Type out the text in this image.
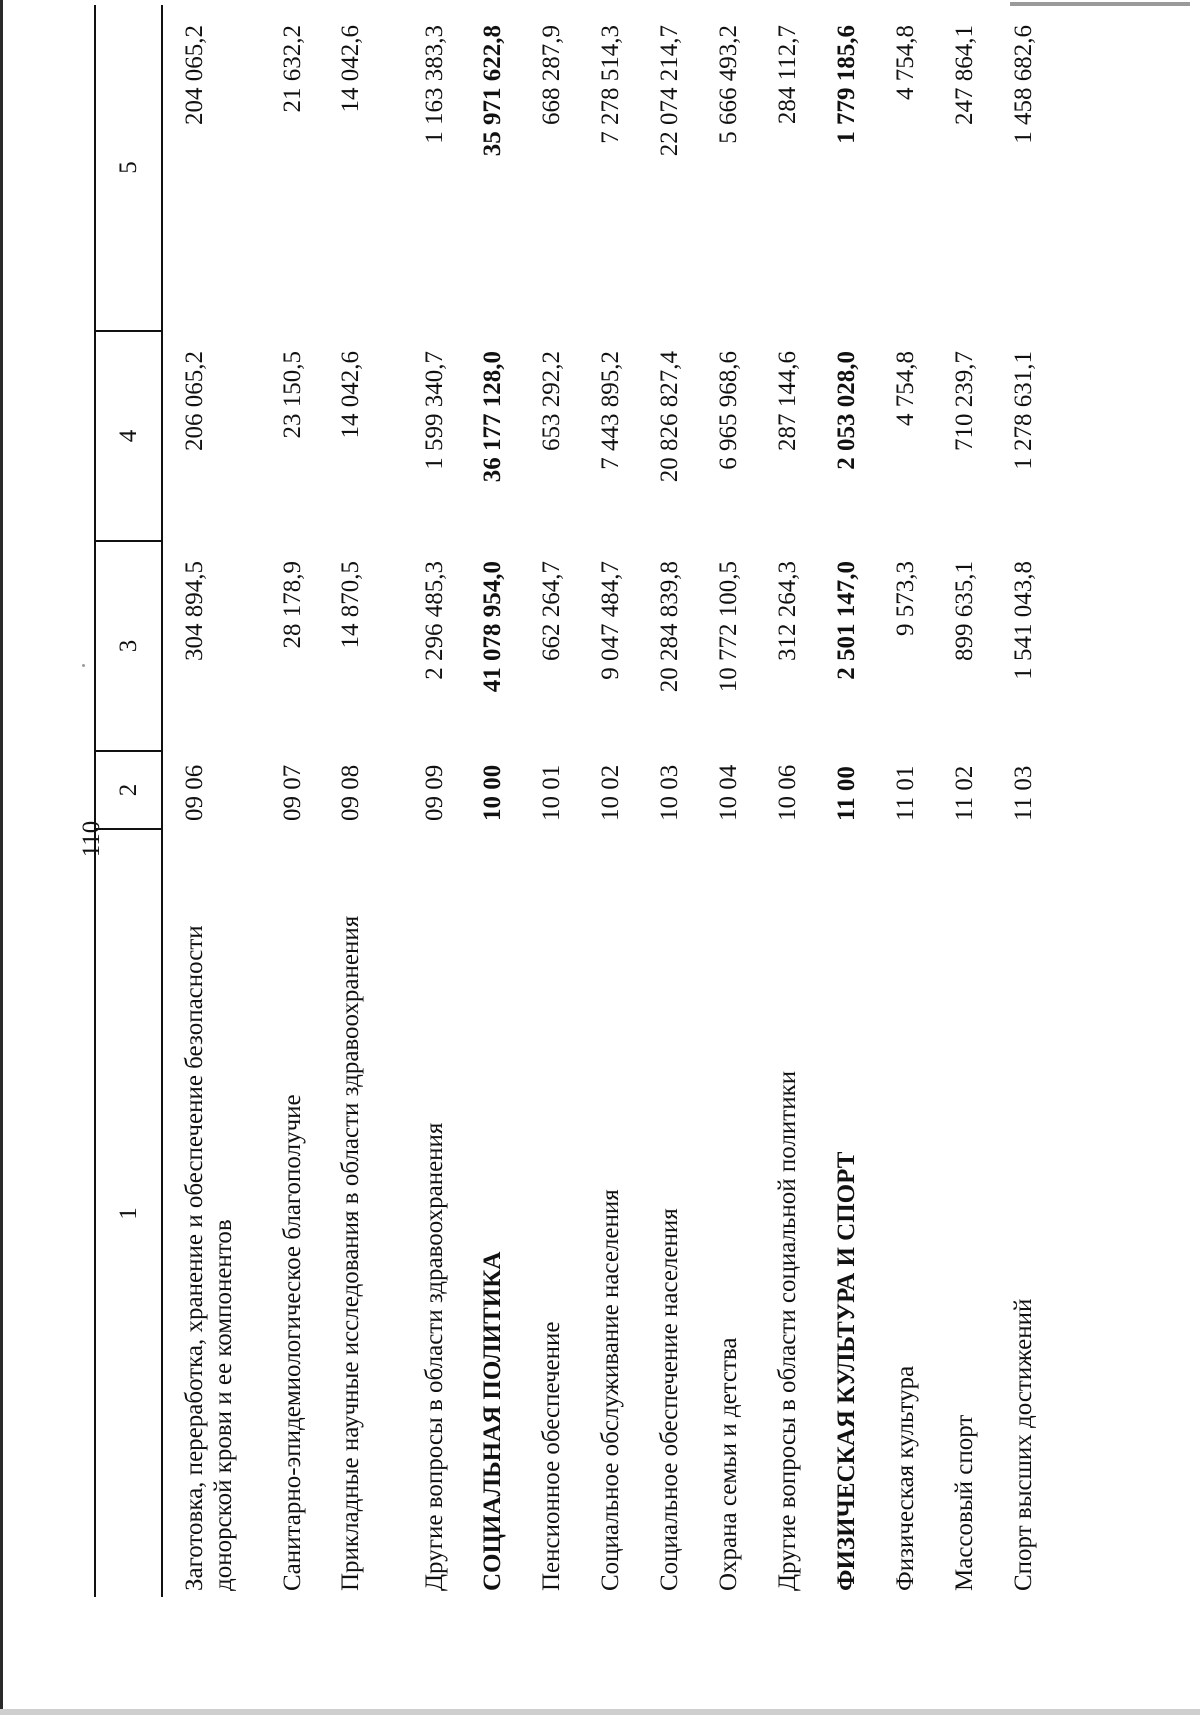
110
1	2	3	4	5
Заготовка, переработка, хранение и обеспечение безопасности донорской крови и ее компонентов	09 06	304 894,5	206 065,2	204 065,2
Санитарно-эпидемиологическое благополучие	09 07	28 178,9	23 150,5	21 632,2
Прикладные научные исследования в области здравоохранения	09 08	14 870,5	14 042,6	14 042,6
Другие вопросы в области здравоохранения	09 09	2 296 485,3	1 599 340,7	1 163 383,3
СОЦИАЛЬНАЯ ПОЛИТИКА	10 00	41 078 954,0	36 177 128,0	35 971 622,8
Пенсионное обеспечение	10 01	662 264,7	653 292,2	668 287,9
Социальное обслуживание населения	10 02	9 047 484,7	7 443 895,2	7 278 514,3
Социальное обеспечение населения	10 03	20 284 839,8	20 826 827,4	22 074 214,7
Охрана семьи и детства	10 04	10 772 100,5	6 965 968,6	5 666 493,2
Другие вопросы в области социальной политики	10 06	312 264,3	287 144,6	284 112,7
ФИЗИЧЕСКАЯ КУЛЬТУРА И СПОРТ	11 00	2 501 147,0	2 053 028,0	1 779 185,6
Физическая культура	11 01	9 573,3	4 754,8	4 754,8
Массовый спорт	11 02	899 635,1	710 239,7	247 864,1
Спорт высших достижений	11 03	1 541 043,8	1 278 631,1	1 458 682,6
